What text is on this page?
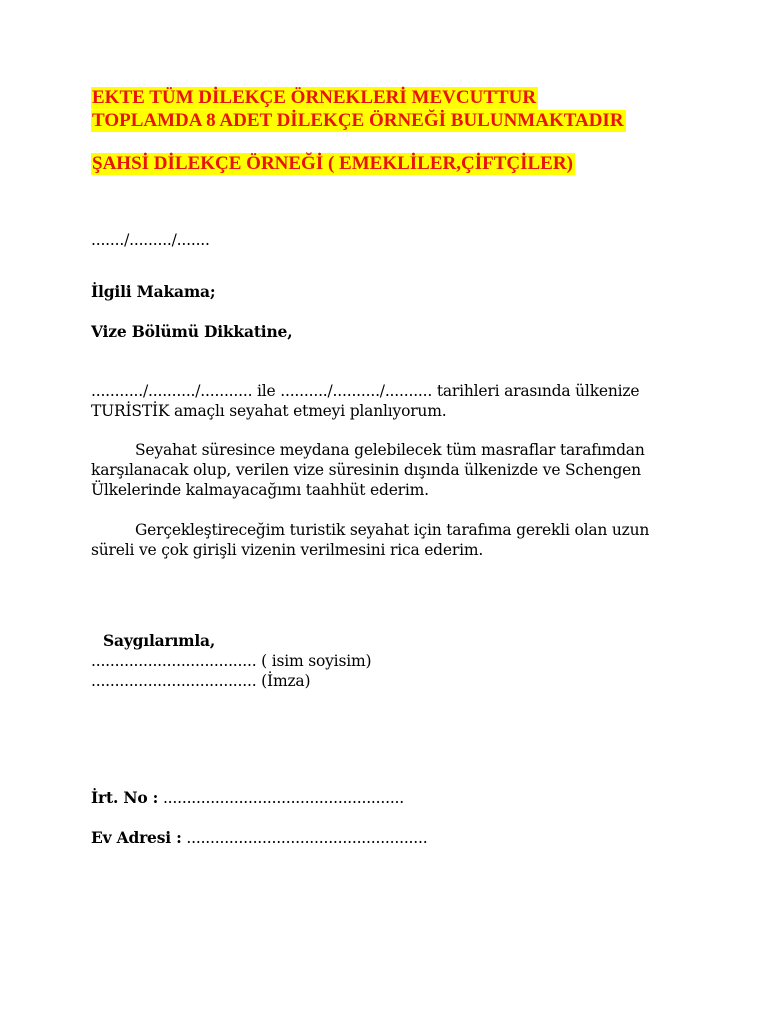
EKTE TÜM DİLEKÇE ÖRNEKLERİ MEVCUTTUR
TOPLAMDA 8 ADET DİLEKÇE ÖRNEĞİ BULUNMAKTADIR
ŞAHSİ DİLEKÇE ÖRNEĞİ ( EMEKLİLER,ÇİFTÇİLER)
......./........./.......
İlgili Makama;
Vize Bölümü Dikkatine,
.........../........../........... ile ........../........../.......... tarihleri arasında ülkenize
TURİSTİK amaçlı seyahat etmeyi planlıyorum.
Seyahat süresince meydana gelebilecek tüm masraflar tarafımdan
karşılanacak olup, verilen vize süresinin dışında ülkenizde ve Schengen
Ülkelerinde kalmayacağımı taahhüt ederim.
Gerçekleştireceğim turistik seyahat için tarafıma gerekli olan uzun
süreli ve çok girişli vizenin verilmesini rica ederim.
Saygılarımla,
................................... ( isim soyisim)
................................... (İmza)
İrt. No : ...................................................
Ev Adresi : ...................................................
